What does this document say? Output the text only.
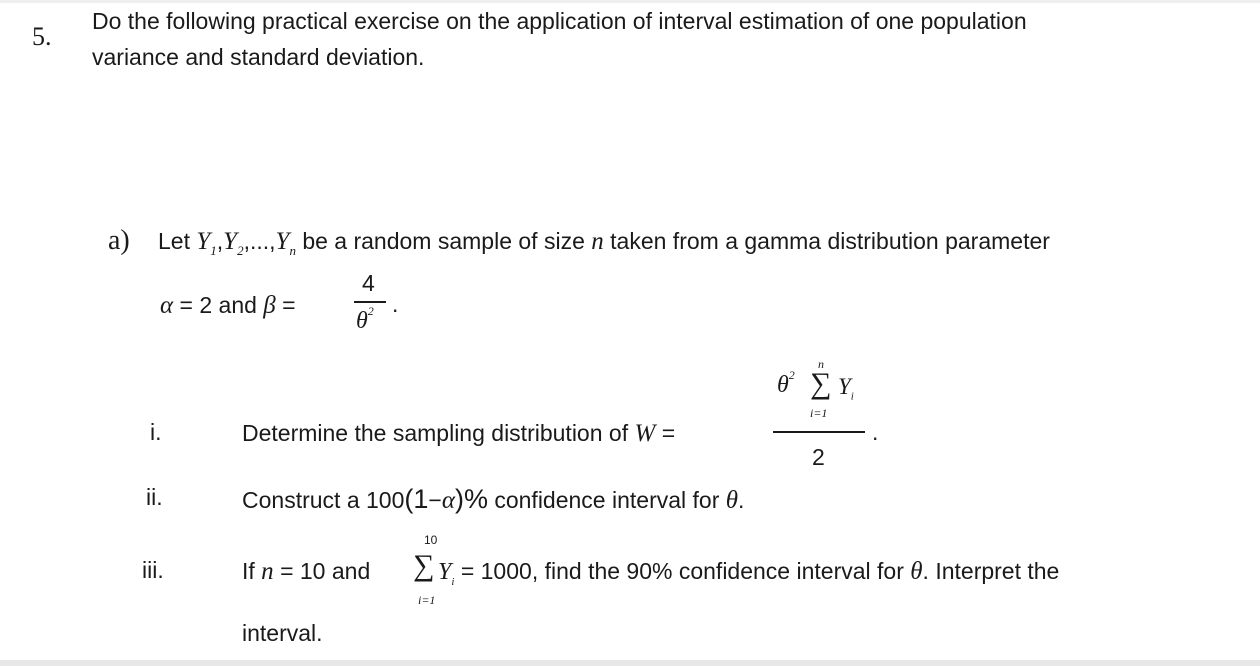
5.
Do the following practical exercise on the application of interval estimation of one population
variance and standard deviation.
a) Let $Y_1,Y_2,...,Y_n$ be a random sample of size n taken from a gamma distribution parameter
α = 2 and β =
4
$\theta^2$ .
i.	Determine the sampling distribution of W =
$\theta^2$
n
∑ $Y_i$
i=1
2
.
ii.	Construct a 100(1−α)% confidence interval for θ.
iii.	If n = 10 and
10
∑
i=1
$Y_i = 1000$, find the 90% confidence interval for θ. Interpret the
interval.
